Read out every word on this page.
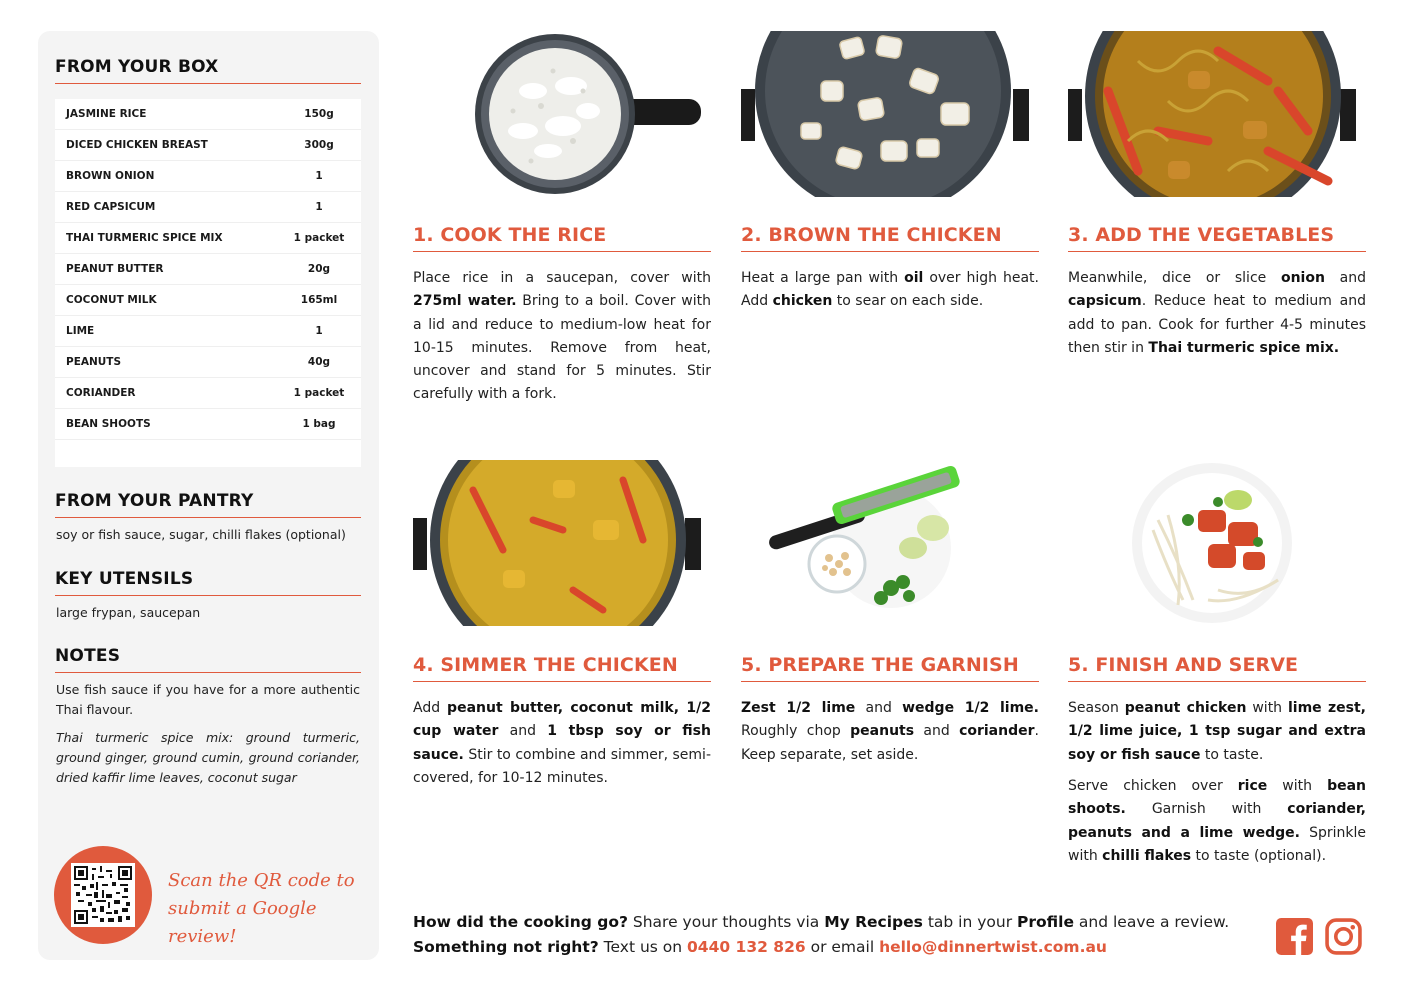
FROM YOUR BOX
JASMINE RICE	150g
DICED CHICKEN BREAST	300g
BROWN ONION	1
RED CAPSICUM	1
THAI TURMERIC SPICE MIX	1 packet
PEANUT BUTTER	20g
COCONUT MILK	165ml
LIME	1
PEANUTS	40g
CORIANDER	1 packet
BEAN SHOOTS	1 bag
FROM YOUR PANTRY
soy or fish sauce, sugar, chilli flakes (optional)
KEY UTENSILS
large frypan, saucepan
NOTES
Use fish sauce if you have for a more authentic Thai flavour.
Thai turmeric spice mix: ground turmeric, ground ginger, ground cumin, ground coriander, dried kaffir lime leaves, coconut sugar
Scan the QR code to
submit a Google review!
1. COOK THE RICE
Place rice in a saucepan, cover with 275ml water. Bring to a boil. Cover with a lid and reduce to medium-low heat for 10-15 minutes. Remove from heat, uncover and stand for 5 minutes. Stir carefully with a fork.
2. BROWN THE CHICKEN
Heat a large pan with oil over high heat. Add chicken to sear on each side.
3. ADD THE VEGETABLES
Meanwhile, dice or slice onion and capsicum. Reduce heat to medium and add to pan. Cook for further 4-5 minutes then stir in Thai turmeric spice mix.
4. SIMMER THE CHICKEN
Add peanut butter, coconut milk, 1/2 cup water and 1 tbsp soy or fish sauce. Stir to combine and simmer, semi-covered, for 10-12 minutes.
5. PREPARE THE GARNISH
Zest 1/2 lime and wedge 1/2 lime. Roughly chop peanuts and coriander. Keep separate, set aside.
5. FINISH AND SERVE
Season peanut chicken with lime zest, 1/2 lime juice, 1 tsp sugar and extra soy or fish sauce to taste.
Serve chicken over rice with bean shoots. Garnish with coriander, peanuts and a lime wedge. Sprinkle with chilli flakes to taste (optional).
How did the cooking go? Share your thoughts via My Recipes tab in your Profile and leave a review.
Something not right? Text us on 0440 132 826 or email hello@dinnertwist.com.au
